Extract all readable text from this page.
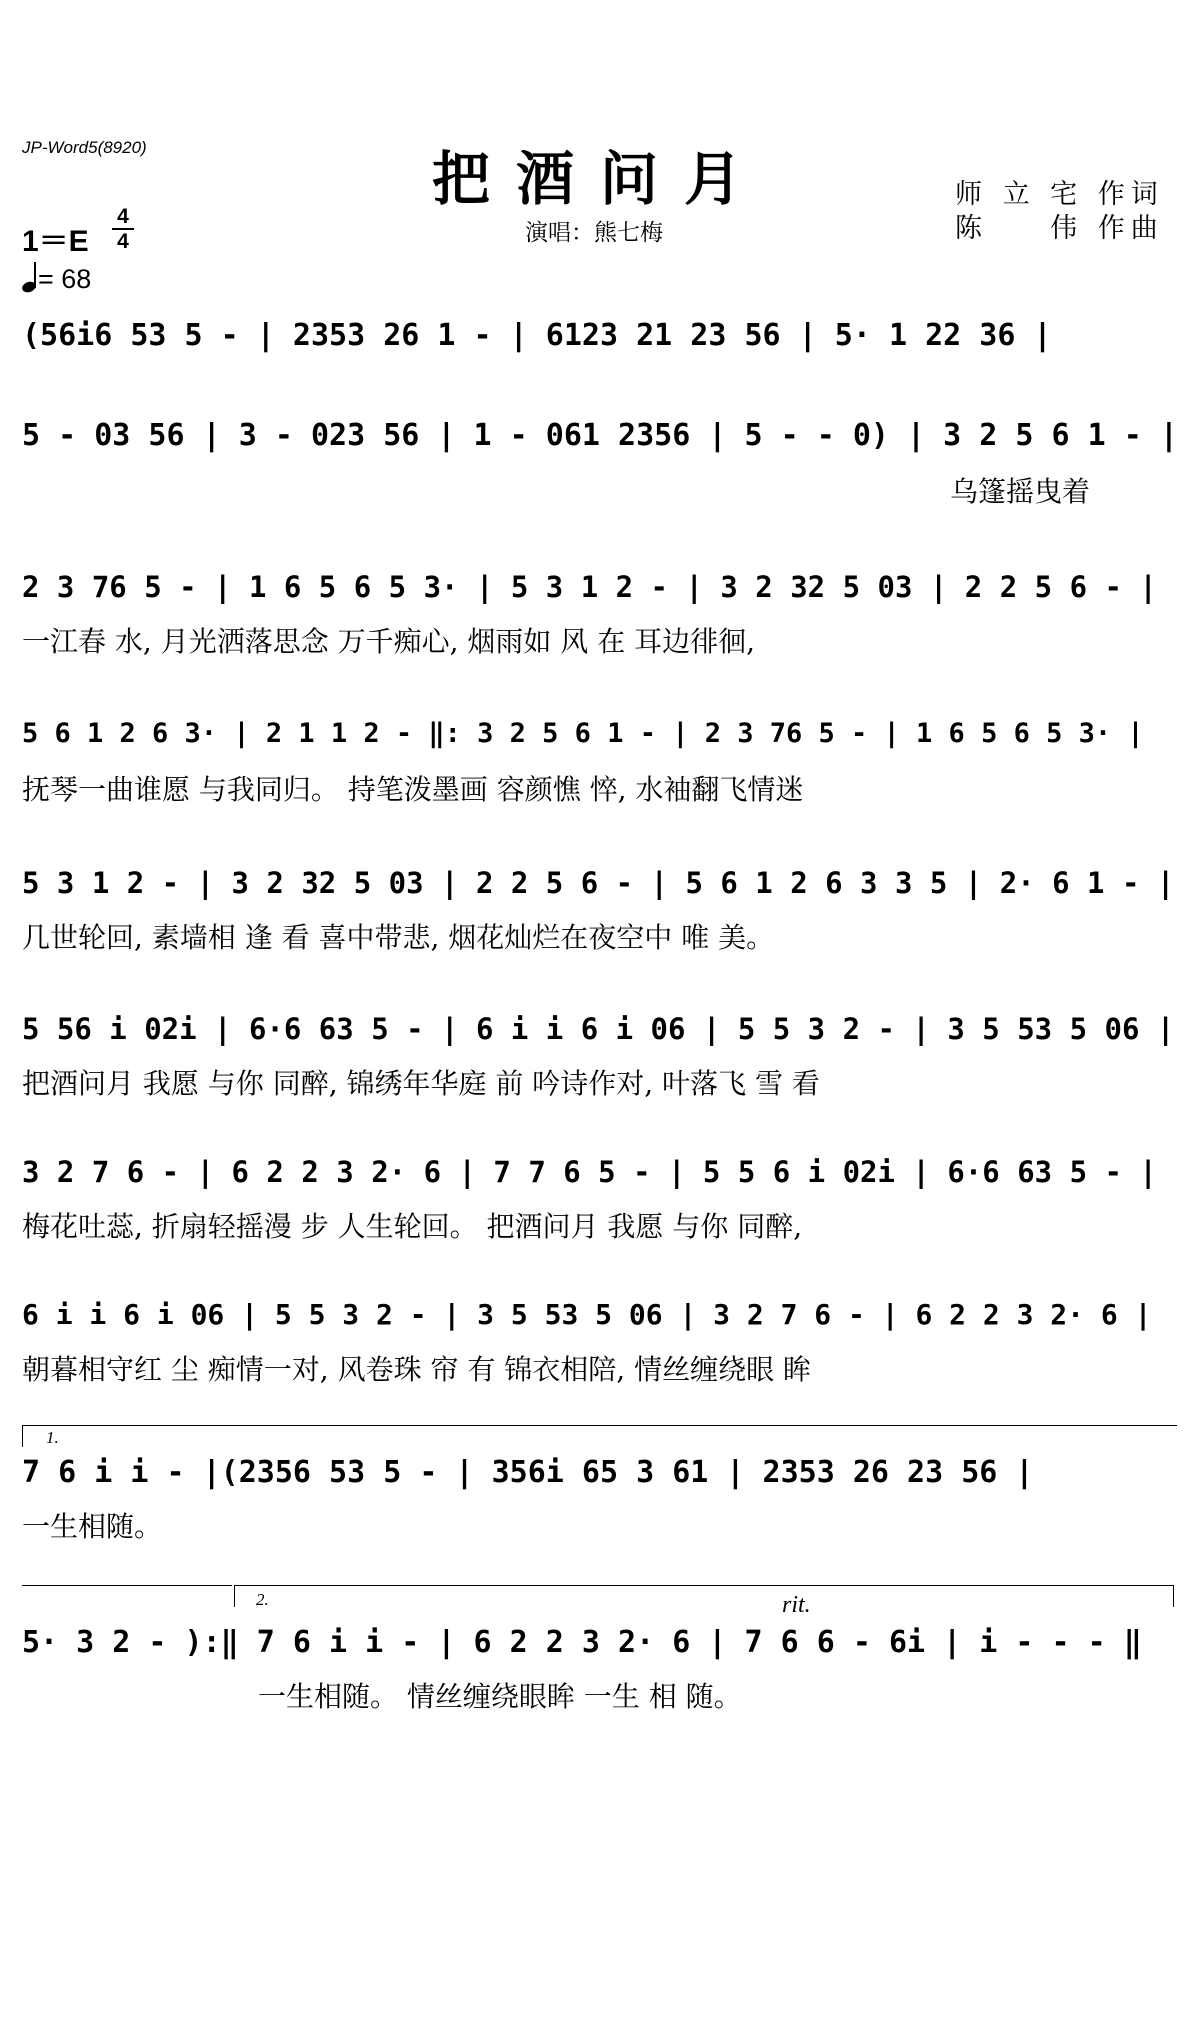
JP-Word5(8920)	把酒问月
演唱：熊七梅
师 立 宅 作词
陈 　 伟 作曲
1＝E
4
4
= 68
(56i6 53 5 - | 2353 26 1 - | 6123 21 23 56 | 5· 1 22 36 |
5 - 03 56 | 3 - 023 56 | 1 - 061 2356 | 5 - - 0) | 3 2 5 6 1 - |
乌篷摇曳着
2 3 76 5 - | 1 6 5 6 5 3· | 5 3 1 2 - | 3 2 32 5 03 | 2 2 5 6 - |
一江春 水, 月光洒落思念 万千痴心, 烟雨如 风 在 耳边徘徊,
5 6 1 2 6 3· | 2 1 1 2 - ‖: 3 2 5 6 1 - | 2 3 76 5 - | 1 6 5 6 5 3· |
抚琴一曲谁愿 与我同归。 持笔泼墨画 容颜憔 悴, 水袖翻飞情迷
5 3 1 2 - | 3 2 32 5 03 | 2 2 5 6 - | 5 6 1 2 6 3 3 5 | 2· 6 1 - |
几世轮回, 素墙相 逢 看 喜中带悲, 烟花灿烂在夜空中 唯 美。
5 56 i 02i | 6·6 63 5 - | 6 i i 6 i 06 | 5 5 3 2 - | 3 5 53 5 06 |
把酒问月 我愿 与你 同醉, 锦绣年华庭 前 吟诗作对, 叶落飞 雪 看
3 2 7 6 - | 6 2 2 3 2· 6 | 7 7 6 5 - | 5 5 6 i 02i | 6·6 63 5 - |
梅花吐蕊, 折扇轻摇漫 步 人生轮回。 把酒问月 我愿 与你 同醉,
6 i i 6 i 06 | 5 5 3 2 - | 3 5 53 5 06 | 3 2 7 6 - | 6 2 2 3 2· 6 |
朝暮相守红 尘 痴情一对, 风卷珠 帘 有 锦衣相陪, 情丝缠绕眼 眸
1.
7 6 i i - |(2356 53 5 - | 356i 65 3 61 | 2353 26 23 56 |
一生相随。
2.	rit.
5· 3 2 - ):‖ 7 6 i i - | 6 2 2 3 2· 6 | 7 6 6 - 6i | i - - - ‖
一生相随。 情丝缠绕眼眸 一生 相 随。
